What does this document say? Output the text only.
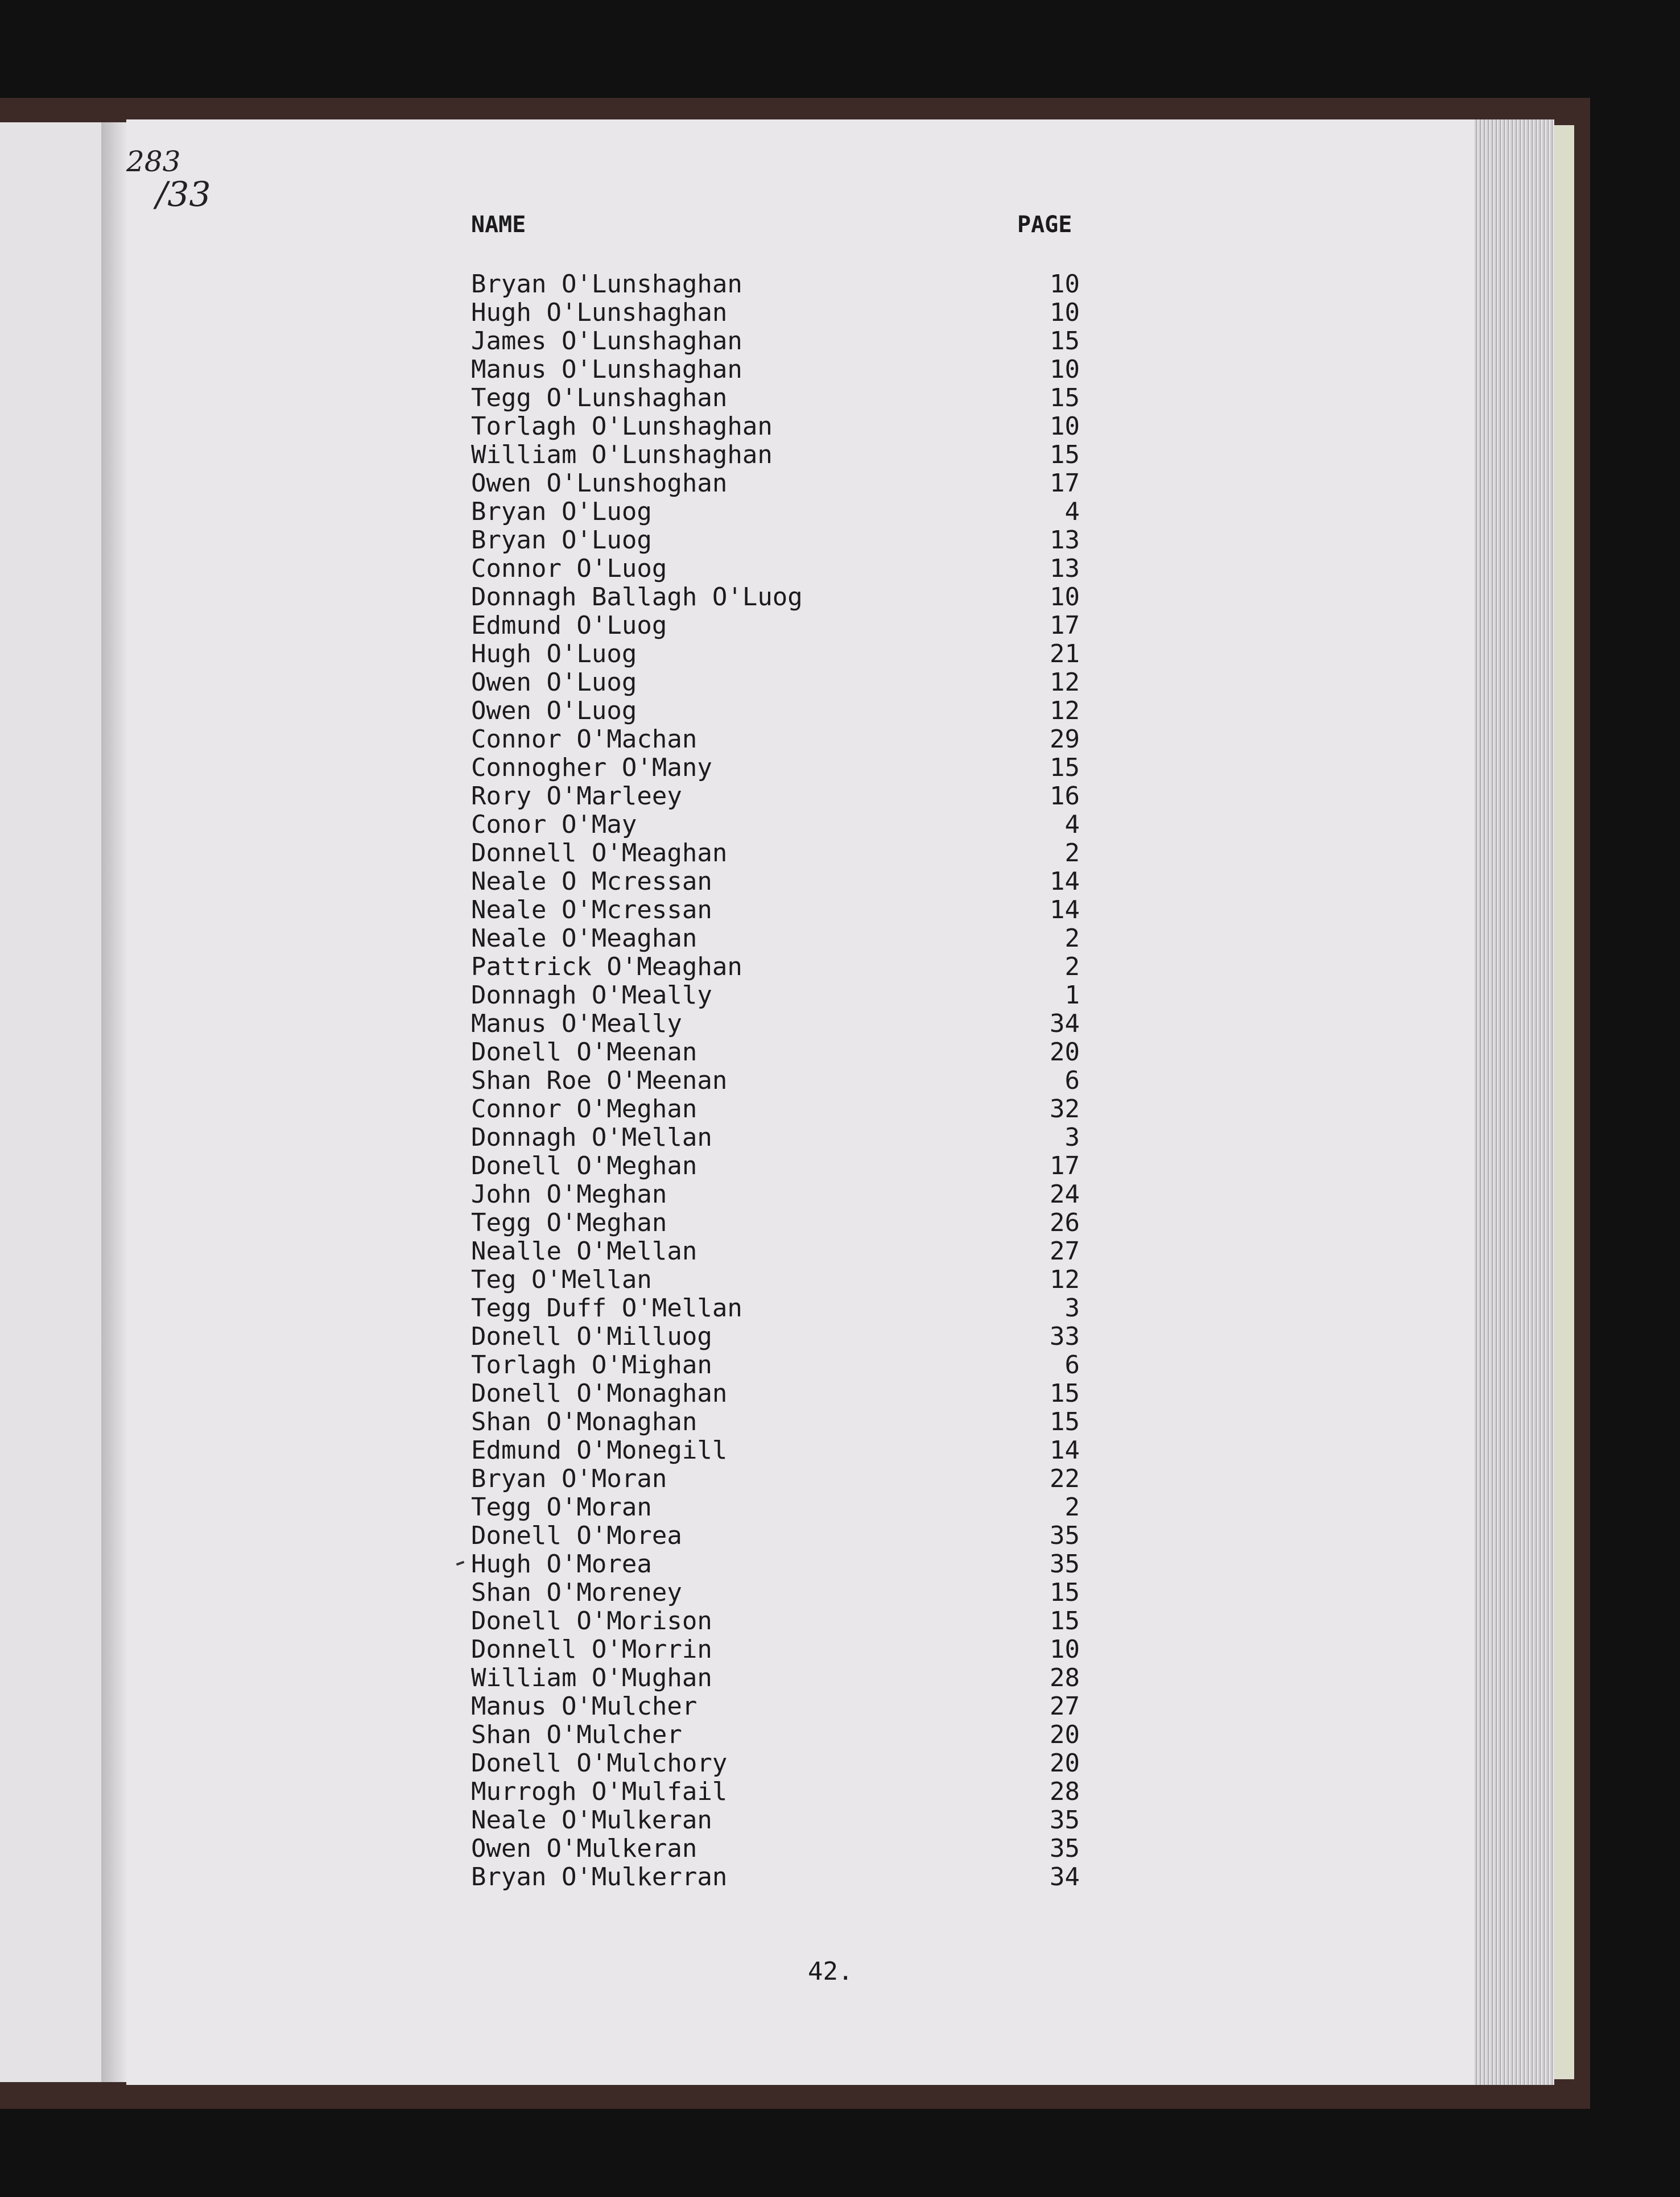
283
/33
NAME	PAGE
Bryan O'Lunshaghan	10
Hugh O'Lunshaghan	10
James O'Lunshaghan	15
Manus O'Lunshaghan	10
Tegg O'Lunshaghan	15
Torlagh O'Lunshaghan	10
William O'Lunshaghan	15
Owen O'Lunshoghan	17
Bryan O'Luog	4
Bryan O'Luog	13
Connor O'Luog	13
Donnagh Ballagh O'Luog	10
Edmund O'Luog	17
Hugh O'Luog	21
Owen O'Luog	12
Owen O'Luog	12
Connor O'Machan	29
Connogher O'Many	15
Rory O'Marleey	16
Conor O'May	4
Donnell O'Meaghan	2
Neale O Mcressan	14
Neale O'Mcressan	14
Neale O'Meaghan	2
Pattrick O'Meaghan	2
Donnagh O'Meally	1
Manus O'Meally	34
Donell O'Meenan	20
Shan Roe O'Meenan	6
Connor O'Meghan	32
Donnagh O'Mellan	3
Donell O'Meghan	17
John O'Meghan	24
Tegg O'Meghan	26
Nealle O'Mellan	27
Teg O'Mellan	12
Tegg Duff O'Mellan	3
Donell O'Milluog	33
Torlagh O'Mighan	6
Donell O'Monaghan	15
Shan O'Monaghan	15
Edmund O'Monegill	14
Bryan O'Moran	22
Tegg O'Moran	2
Donell O'Morea	35
Hugh O'Morea	35
Shan O'Moreney	15
Donell O'Morison	15
Donnell O'Morrin	10
William O'Mughan	28
Manus O'Mulcher	27
Shan O'Mulcher	20
Donell O'Mulchory	20
Murrogh O'Mulfail	28
Neale O'Mulkeran	35
Owen O'Mulkeran	35
Bryan O'Mulkerran	34
42.
